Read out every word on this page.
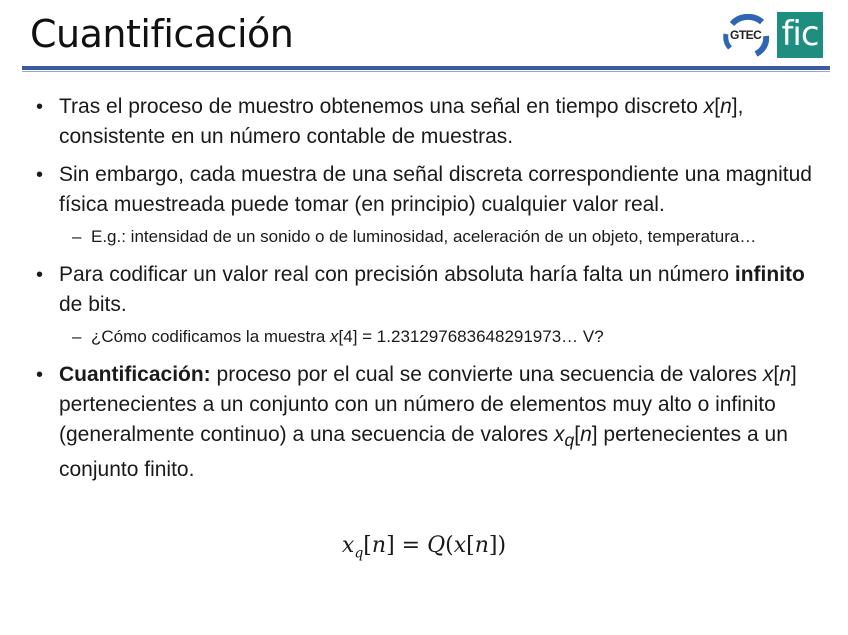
Cuantificación	GTEC fic
• Tras el proceso de muestro obtenemos una señal en tiempo discreto x[n], consistente en un número contable de muestras.
• Sin embargo, cada muestra de una señal discreta correspondiente una magnitud física muestreada puede tomar (en principio) cualquier valor real.
– E.g.: intensidad de un sonido o de luminosidad, aceleración de un objeto, temperatura…
• Para codificar un valor real con precisión absoluta haría falta un número infinito de bits.
– ¿Cómo codificamos la muestra x[4] = 1.231297683648291973… V?
• Cuantificación: proceso por el cual se convierte una secuencia de valores x[n] pertenecientes a un conjunto con un número de elementos muy alto o infinito (generalmente continuo) a una secuencia de valores $x_q[n]$ pertenecientes a un conjunto finito.
$x_q[n] = Q(x[n])$
